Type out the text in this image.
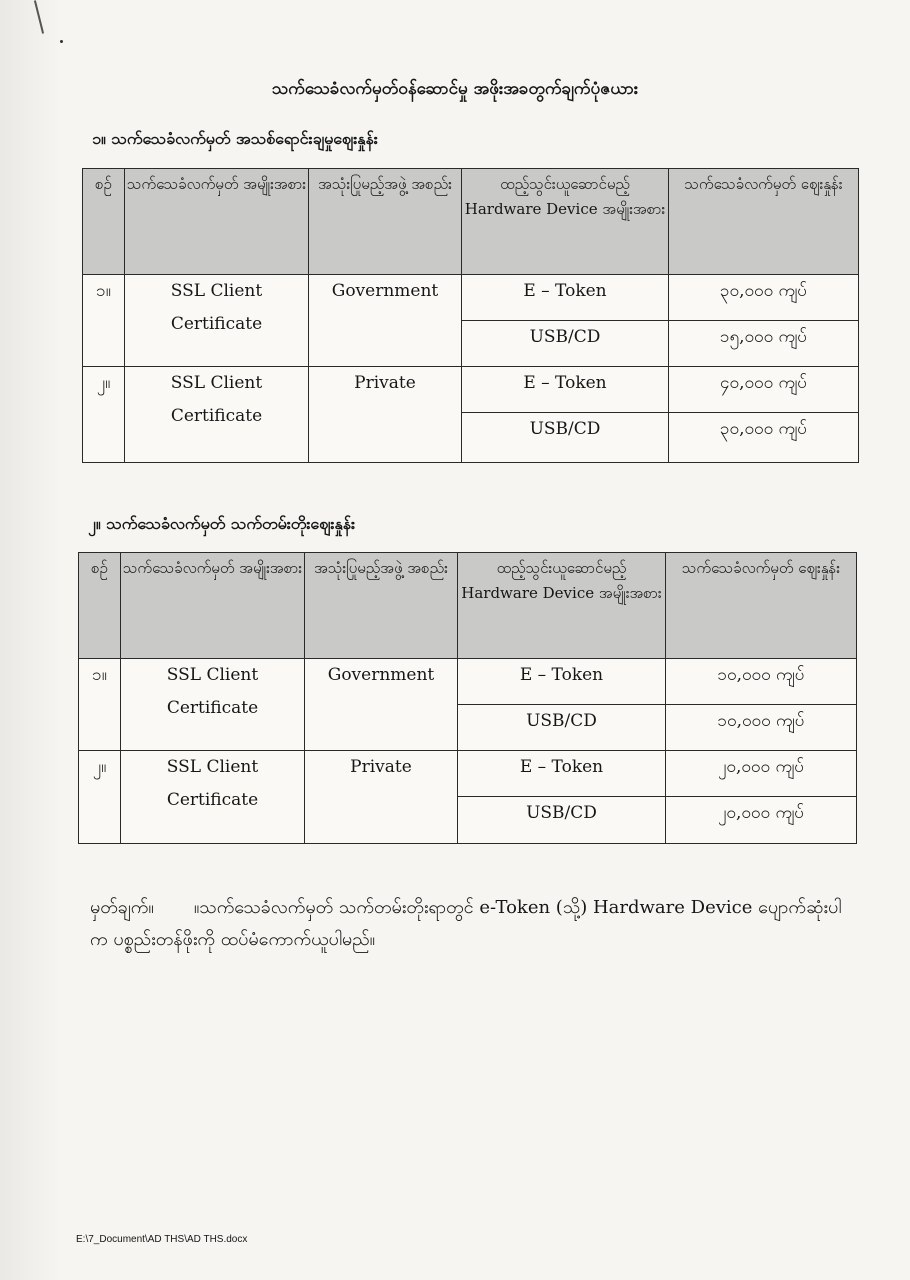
သက်သေခံလက်မှတ်ဝန်ဆောင်မှု အဖိုးအခတွက်ချက်ပုံဇယား
၁။ သက်သေခံလက်မှတ် အသစ်ရောင်းချမှုဈေးနှုန်း
စဉ်	သက်သေခံလက်မှတ် အမျိုးအစား	အသုံးပြုမည့်အဖွဲ့ အစည်း	ထည့်သွင်းယူဆောင်မည့် Hardware Device အမျိုးအစား	သက်သေခံလက်မှတ် ဈေးနှုန်း
၁။	SSL Client Certificate	Government	E – Token	၃၀,၀၀၀ ကျပ်
			USB/CD	၁၅,၀၀၀ ကျပ်
၂။	SSL Client Certificate	Private	E – Token	၄၀,၀၀၀ ကျပ်
			USB/CD	၃၀,၀၀၀ ကျပ်
၂။ သက်သေခံလက်မှတ် သက်တမ်းတိုးဈေးနှုန်း
စဉ်	သက်သေခံလက်မှတ် အမျိုးအစား	အသုံးပြုမည့်အဖွဲ့ အစည်း	ထည့်သွင်းယူဆောင်မည့် Hardware Device အမျိုးအစား	သက်သေခံလက်မှတ် ဈေးနှုန်း
၁။	SSL Client Certificate	Government	E – Token	၁၀,၀၀၀ ကျပ်
			USB/CD	၁၀,၀၀၀ ကျပ်
၂။	SSL Client Certificate	Private	E – Token	၂၀,၀၀၀ ကျပ်
			USB/CD	၂၀,၀၀၀ ကျပ်
မှတ်ချက်။ ။သက်သေခံလက်မှတ် သက်တမ်းတိုးရာတွင် e-Token (သို့) Hardware Device ပျောက်ဆုံးပါက ပစ္စည်းတန်ဖိုးကို ထပ်မံကောက်ယူပါမည်။
E:\7_Document\AD THS\AD THS.docx
